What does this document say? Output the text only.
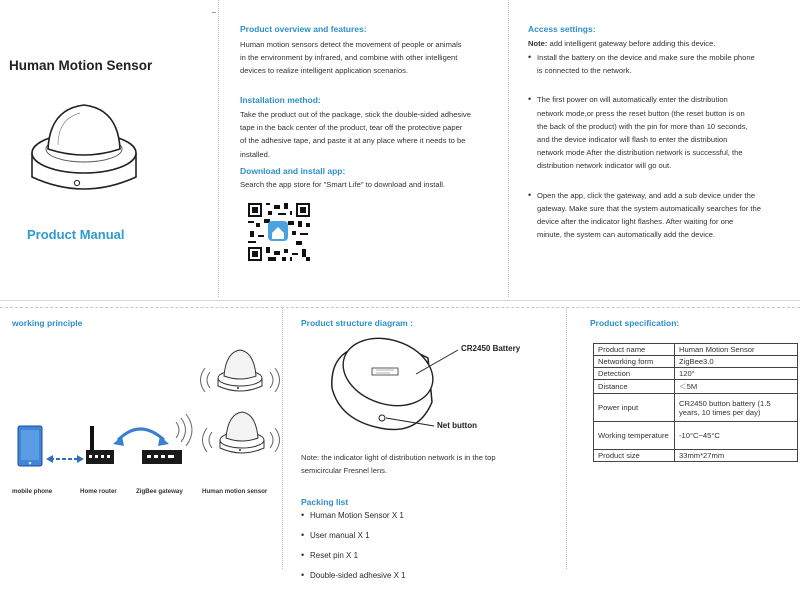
Human Motion Sensor
Product Manual
Product overview and features:
Human motion sensors detect the movement of people or animals
in the environment by infrared, and combine with other intelligent
devices to realize intelligent application scenarios.
Installation method:
Take the product out of the package, stick the double-sided adhesive
tape in the back center of the product, tear off the protective paper
of the adhesive tape, and paste it at any place where it needs to be
installed.
Download and install app:
Search the app store for "Smart Life" to download and install.
Access settings:
Note: add intelligent gateway before adding this device.
• Install the battery on the device and make sure the mobile phone
is connected to the network.
• The first power on will automatically enter the distribution
network mode,or press the reset button (the reset button is on
the back of the product) with the pin for more than 10 seconds,
and the device indicator will flash to enter the distribution
network mode After the distribution network is successful, the
distribution network indicator will go out.
• Open the app, click the gateway, and add a sub device under the
gateway. Make sure that the system automatically searches for the
device after the indicator light flashes. After waiting for one
minute, the system can automatically add the device.
working principle
mobile phone	Home router	ZigBee gateway	Human motion sensor
Product structure diagram :
CR2450 Battery
Net button
Note: the indicator light of distribution network is in the top
semicircular Fresnel lens.
Packing list
• Human Motion Sensor X 1
• User manual X 1
• Reset pin X 1
• Double-sided adhesive X 1
Product specification:
Product name	Human Motion Sensor
Networking form	ZigBee3.0
Detection	120°
Distance	＜5M
Power input	CR2450 button battery (1.5 years, 10 times per day)
Working temperature	-10°C~45°C
Product size	33mm*27mm
